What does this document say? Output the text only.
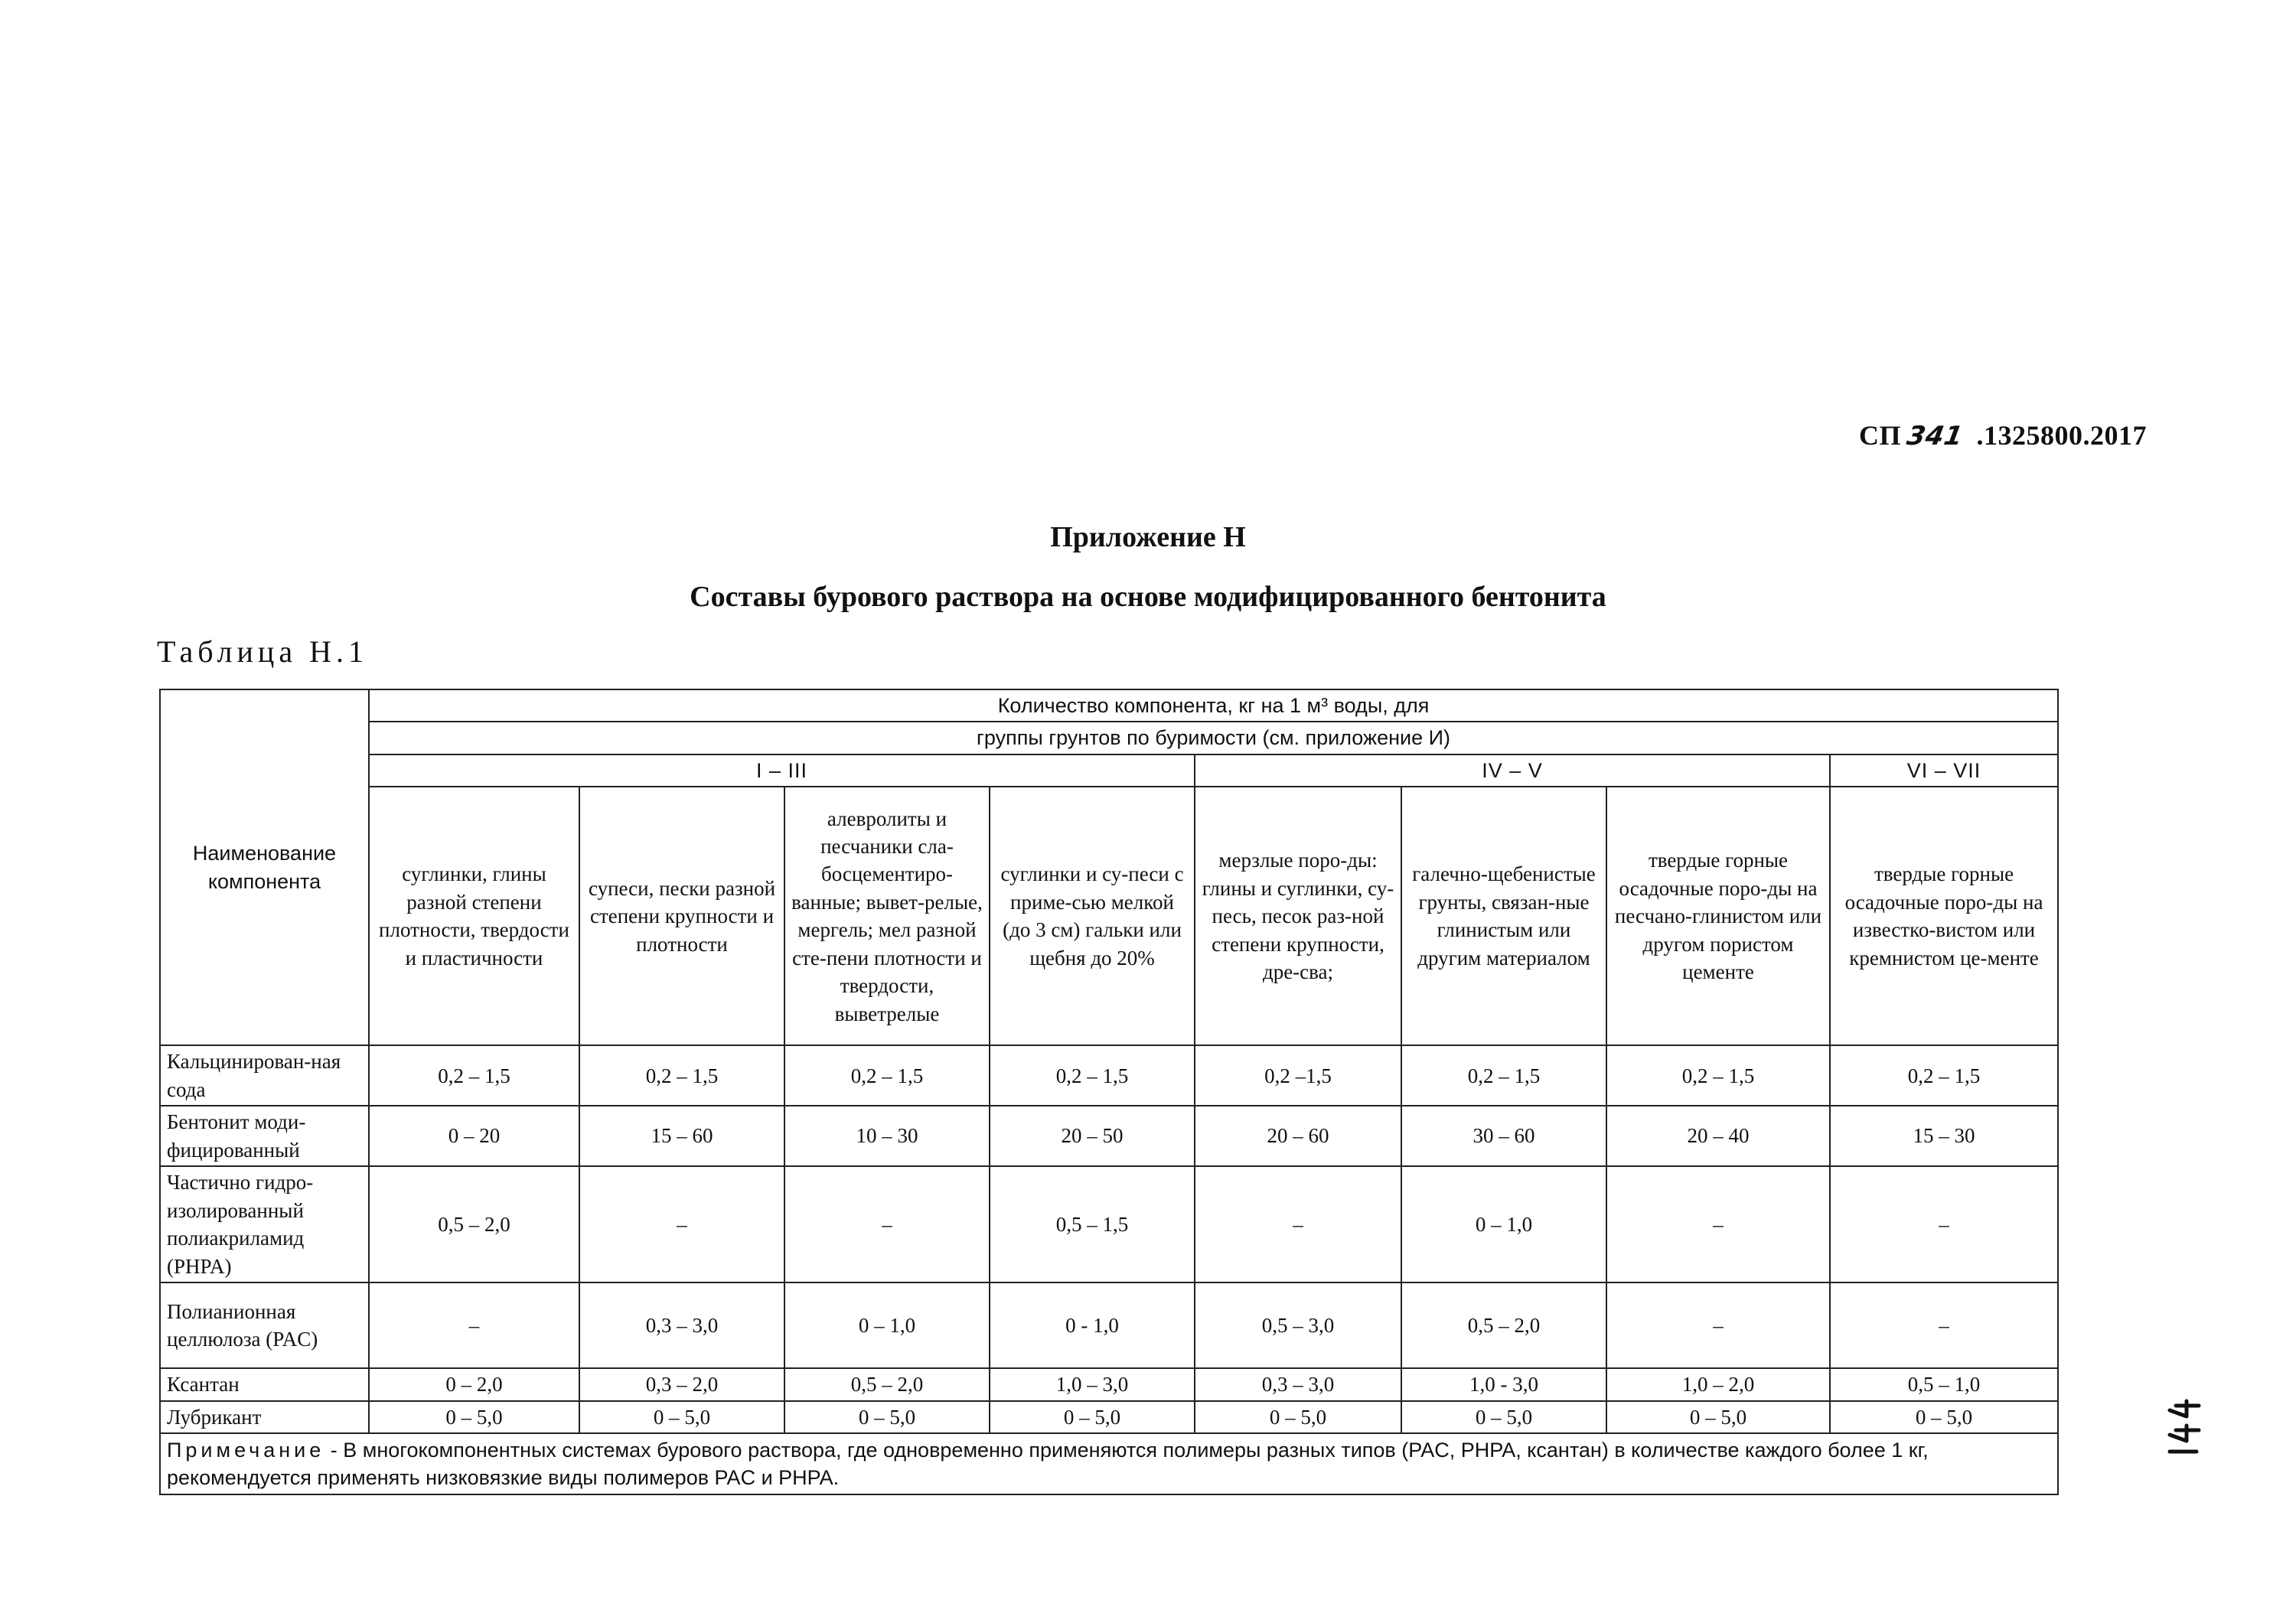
СП 341 .1325800.2017
Приложение Н
Составы бурового раствора на основе модифицированного бентонита
Таблица Н.1
Наименование компонента	Количество компонента, кг на 1 м³ воды, для							
	группы грунтов по буримости (см. приложение И)							
	I – III				IV – V			VI – VII
	суглинки, глины разной степени плотности, твердости и пластичности	супеси, пески разной степени крупности и плотности	алевролиты и песчаники сла-босцементиро-ванные; вывет-релые, мергель; мел разной сте-пени плотности и твердости, выветрелые	суглинки и су-песи с приме-сью мелкой (до 3 см) гальки или щебня до 20%	мерзлые поро-ды: глины и суглинки, су-песь, песок раз-ной степени крупности, дре-сва;	галечно-щебенистые грунты, связан-ные глинистым или другим материалом	твердые горные осадочные поро-ды на песчано-глинистом или другом пористом цементе	твердые горные осадочные поро-ды на известко-вистом или кремнистом це-менте
Кальцинирован-ная сода	0,2 – 1,5	0,2 – 1,5	0,2 – 1,5	0,2 – 1,5	0,2 –1,5	0,2 – 1,5	0,2 – 1,5	0,2 – 1,5
Бентонит моди-фицированный	0 – 20	15 – 60	10 – 30	20 – 50	20 – 60	30 – 60	20 – 40	15 – 30
Частично гидро-изолированный полиакриламид (PHPA)	0,5 – 2,0	–	–	0,5 – 1,5	–	0 – 1,0	–	–
Полианионная целлюлоза (PAC)	–	0,3 – 3,0	0 – 1,0	0 - 1,0	0,5 – 3,0	0,5 – 2,0	–	–
Ксантан	0 – 2,0	0,3 – 2,0	0,5 – 2,0	1,0 – 3,0	0,3 – 3,0	1,0 - 3,0	1,0 – 2,0	0,5 – 1,0
Лубрикант	0 – 5,0	0 – 5,0	0 – 5,0	0 – 5,0	0 – 5,0	0 – 5,0	0 – 5,0	0 – 5,0
Примечание - В многокомпонентных системах бурового раствора, где одновременно применяются полимеры разных типов (PAC, PHPA, ксантан) в количестве каждого более 1 кг, рекомендуется применять низковязкие виды полимеров PAC и PHPA.								
